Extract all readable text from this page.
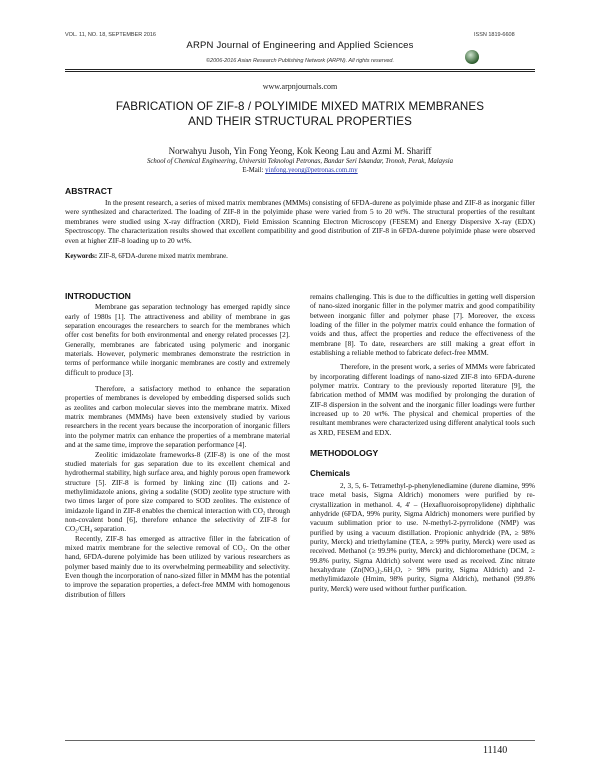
VOL. 11, NO. 18, SEPTEMBER 2016	ISSN 1819-6608
ARPN Journal of Engineering and Applied Sciences
©2006-2016 Asian Research Publishing Network (ARPN). All rights reserved.
www.arpnjournals.com
FABRICATION OF ZIF-8 / POLYIMIDE MIXED MATRIX MEMBRANES
AND THEIR STRUCTURAL PROPERTIES
Norwahyu Jusoh, Yin Fong Yeong, Kok Keong Lau and Azmi M. Shariff
School of Chemical Engineering, Universiti Teknologi Petronas, Bandar Seri Iskandar, Tronoh, Perak, Malaysia
E-Mail: yinfong.yeong@petronas.com.my
ABSTRACT

In the present research, a series of mixed matrix membranes (MMMs) consisting of 6FDA-durene as polyimide phase and ZIF-8 as inorganic filler were synthesized and characterized. The loading of ZIF-8 in the polyimide phase were varied from 5 to 20 wt%. The structural properties of the resultant membranes were studied using X-ray diffraction (XRD), Field Emission Scanning Electron Microscopy (FESEM) and Energy Dispersive X-ray (EDX) Spectroscopy. The characterization results showed that excellent compatibility and good distribution of ZIF-8 in 6FDA-durene polyimide phase were observed even at higher ZIF-8 loading up to 20 wt%.

Keywords: ZIF-8, 6FDA-durene mixed matrix membrane.
INTRODUCTION

Membrane gas separation technology has emerged rapidly since early of 1980s [1]. The attractiveness and ability of membrane in gas separation encourages the researchers to search for the membranes which offer cost benefits for both environmental and energy related processes [2]. Generally, membranes are fabricated using polymeric and inorganic materials. However, polymeric membranes demonstrate the restriction in terms of performance while inorganic membranes are costly and extremely difficult to produce [3].

Therefore, a satisfactory method to enhance the separation properties of membranes is developed by embedding dispersed solids such as zeolites and carbon molecular sieves into the membrane matrix. Mixed matrix membranes (MMMs) have been extensively studied by various researchers in the recent years because the incorporation of inorganic fillers into the polymer matrix can enhance the properties of a membrane material and at the same time, improve the separation performance [4].

Zeolitic imidazolate frameworks-8 (ZIF-8) is one of the most studied materials for gas separation due to its excellent chemical and hydrothermal stability, high surface area, and highly porous open framework structure [5]. ZIF-8 is formed by linking zinc (II) cations and 2-methylimidazole anions, giving a sodalite (SOD) zeolite type structure with two times larger of pore size compared to SOD zeolites. The existence of imidazole ligand in ZIF-8 enables the chemical interaction with CO₂ through non-covalent bond [6], therefore enhance the selectivity of ZIF-8 for CO₂/CH₄ separation.

Recently, ZIF-8 has emerged as attractive filler in the fabrication of mixed matrix membrane for the selective removal of CO₂. On the other hand, 6FDA-durene polyimide has been utilized by various researchers as polymer based mainly due to its overwhelming permeability and selectivity. Even though the incorporation of nano-sized filler in MMM has the potential to improve the separation properties, a defect-free MMM with homogenous distribution of fillers

remains challenging. This is due to the difficulties in getting well dispersion of nano-sized inorganic filler in the polymer matrix and good compatibility between inorganic filler and polymer phase [7]. Moreover, the excess loading of the filler in the polymer matrix could enhance the formation of voids and thus, affect the properties and reduce the effectiveness of the membrane [8]. To date, researchers are still making a great effort in establishing a reliable method to fabricate defect-free MMM.

Therefore, in the present work, a series of MMMs were fabricated by incorporating different loadings of nano-sized ZIF-8 into 6FDA-durene polymer matrix. Contrary to the previously reported literature [9], the fabrication method of MMM was modified by prolonging the duration of ZIF-8 dispersion in the solvent and the inorganic filler loadings were further increased up to 20 wt%. The physical and chemical properties of the resultant membranes were characterized using different analytical tools such as XRD, FESEM and EDX.

METHODOLOGY
Chemicals

2, 3, 5, 6- Tetramethyl-p-phenylenediamine (durene diamine, 99% trace metal basis, Sigma Aldrich) monomers were purified by re-crystallization in methanol. 4, 4' – (Hexafluoroisopropylidene) diphthalic anhydride (6FDA, 99% purity, Sigma Aldrich) monomers were purified by vacuum sublimation prior to use. N-methyl-2-pyrrolidone (NMP) was purified by using a vacuum distillation. Propionic anhydride (PA, ≥ 98% purity, Merck) and triethylamine (TEA, ≥ 99% purity, Merck) were used as received. Methanol (≥ 99.9% purity, Merck) and dichloromethane (DCM, ≥ 99.8% purity, Sigma Aldrich) solvent were used as received. Zinc nitrate hexahydrate (Zn(NO₃)₂.6H₂O, > 98% purity, Sigma Aldrich) and 2-methylimidazole (Hmim, 98% purity, Sigma Aldrich), methanol (99.8% purity, Merck) were used without further purification.

11140
